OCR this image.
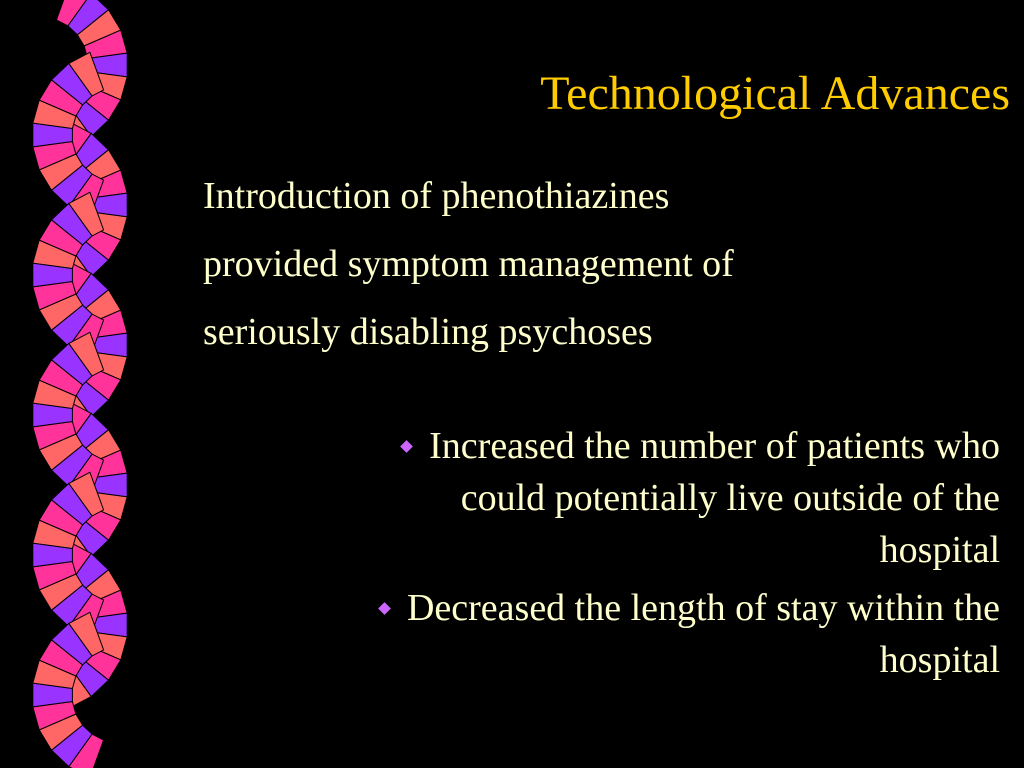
Technological Advances
Introduction of phenothiazines
provided symptom management of
seriously disabling psychoses
Increased the number of patients who
could potentially live outside of the
hospital
Decreased the length of stay within the
hospital
